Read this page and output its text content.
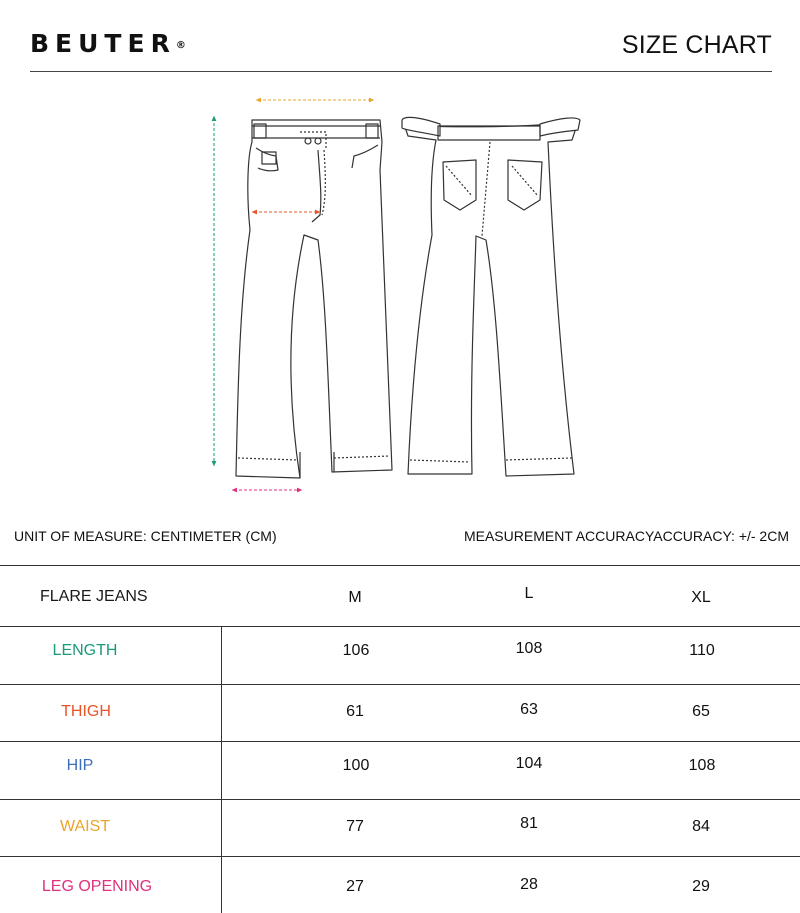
BEUTER®	SIZE CHART
UNIT OF MEASURE: CENTIMETER (CM)	MEASUREMENT ACCURACYACCURACY: +/- 2CM
FLARE JEANS	M	L	XL
LENGTH	106	108	110
THIGH	61	63	65
HIP	100	104	108
WAIST	77	81	84
LEG OPENING	27	28	29
